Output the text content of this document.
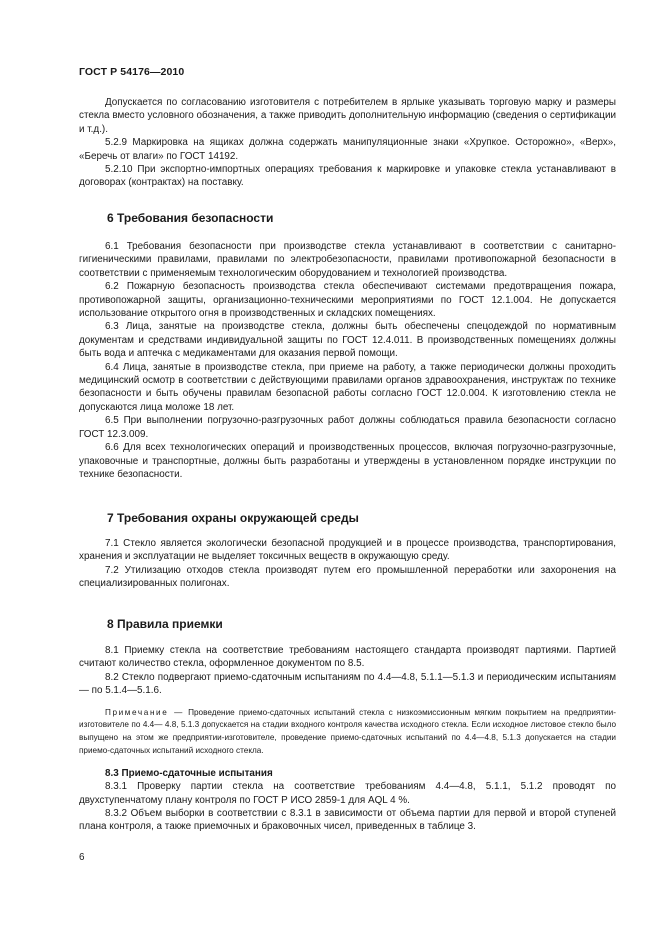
ГОСТ Р 54176—2010

Допускается по согласованию изготовителя с потребителем в ярлыке указывать торговую марку и размеры стекла вместо условного обозначения, а также приводить дополнительную информацию (сведения о сертификации и т.д.).

5.2.9 Маркировка на ящиках должна содержать манипуляционные знаки «Хрупкое. Осторожно», «Верх», «Беречь от влаги» по ГОСТ 14192.

5.2.10 При экспортно-импортных операциях требования к маркировке и упаковке стекла устанавливают в договорах (контрактах) на поставку.

6 Требования безопасности

6.1 Требования безопасности при производстве стекла устанавливают в соответствии с санитарно-гигиеническими правилами, правилами по электробезопасности, правилами противопожарной безопасности в соответствии с применяемым технологическим оборудованием и технологией производства.

6.2 Пожарную безопасность производства стекла обеспечивают системами предотвращения пожара, противопожарной защиты, организационно-техническими мероприятиями по ГОСТ 12.1.004. Не допускается использование открытого огня в производственных и складских помещениях.

6.3 Лица, занятые на производстве стекла, должны быть обеспечены спецодеждой по нормативным документам и средствами индивидуальной защиты по ГОСТ 12.4.011. В производственных помещениях должны быть вода и аптечка с медикаментами для оказания первой помощи.

6.4 Лица, занятые в производстве стекла, при приеме на работу, а также периодически должны проходить медицинский осмотр в соответствии с действующими правилами органов здравоохранения, инструктаж по технике безопасности и быть обучены правилам безопасной работы согласно ГОСТ 12.0.004. К изготовлению стекла не допускаются лица моложе 18 лет.

6.5 При выполнении погрузочно-разгрузочных работ должны соблюдаться правила безопасности согласно ГОСТ 12.3.009.

6.6 Для всех технологических операций и производственных процессов, включая погрузочно-разгрузочные, упаковочные и транспортные, должны быть разработаны и утверждены в установленном порядке инструкции по технике безопасности.

7 Требования охраны окружающей среды

7.1 Стекло является экологически безопасной продукцией и в процессе производства, транспортирования, хранения и эксплуатации не выделяет токсичных веществ в окружающую среду.

7.2 Утилизацию отходов стекла производят путем его промышленной переработки или захоронения на специализированных полигонах.

8 Правила приемки

8.1 Приемку стекла на соответствие требованиям настоящего стандарта производят партиями. Партией считают количество стекла, оформленное документом по 8.5.

8.2 Стекло подвергают приемо-сдаточным испытаниям по 4.4—4.8, 5.1.1—5.1.3 и периодическим испытаниям — по 5.1.4—5.1.6.

Примечание — Проведение приемо-сдаточных испытаний стекла с низкоэмиссионным мягким покрытием на предприятии-изготовителе по 4.4— 4.8, 5.1.3 допускается на стадии входного контроля качества исходного стекла. Если исходное листовое стекло было выпущено на этом же предприятии-изготовителе, проведение приемо-сдаточных испытаний по 4.4—4.8, 5.1.3 допускается на стадии приемо-сдаточных испытаний исходного стекла.

8.3 Приемо-сдаточные испытания

8.3.1 Проверку партии стекла на соответствие требованиям 4.4—4.8, 5.1.1, 5.1.2 проводят по двухступенчатому плану контроля по ГОСТ Р ИСО 2859-1 для AQL 4 %.

8.3.2 Объем выборки в соответствии с 8.3.1 в зависимости от объема партии для первой и второй ступеней плана контроля, а также приемочных и браковочных чисел, приведенных в таблице 3.

6
